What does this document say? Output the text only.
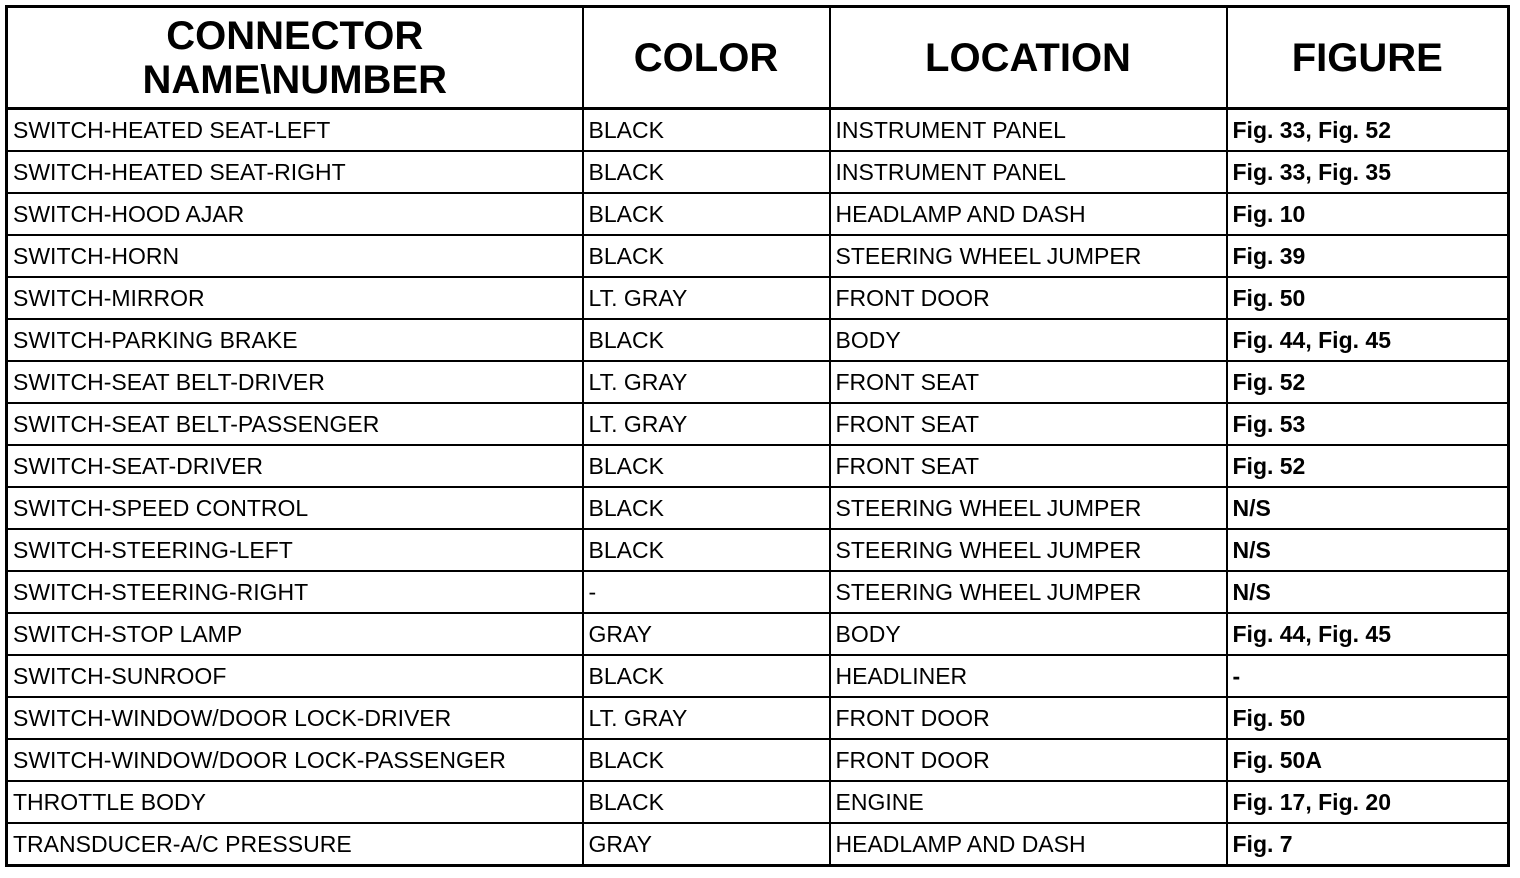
CONNECTOR
NAME\NUMBER	COLOR	LOCATION	FIGURE
SWITCH-HEATED SEAT-LEFT	BLACK	INSTRUMENT PANEL	Fig. 33, Fig. 52
SWITCH-HEATED SEAT-RIGHT	BLACK	INSTRUMENT PANEL	Fig. 33, Fig. 35
SWITCH-HOOD AJAR	BLACK	HEADLAMP AND DASH	Fig. 10
SWITCH-HORN	BLACK	STEERING WHEEL JUMPER	Fig. 39
SWITCH-MIRROR	LT. GRAY	FRONT DOOR	Fig. 50
SWITCH-PARKING BRAKE	BLACK	BODY	Fig. 44, Fig. 45
SWITCH-SEAT BELT-DRIVER	LT. GRAY	FRONT SEAT	Fig. 52
SWITCH-SEAT BELT-PASSENGER	LT. GRAY	FRONT SEAT	Fig. 53
SWITCH-SEAT-DRIVER	BLACK	FRONT SEAT	Fig. 52
SWITCH-SPEED CONTROL	BLACK	STEERING WHEEL JUMPER	N/S
SWITCH-STEERING-LEFT	BLACK	STEERING WHEEL JUMPER	N/S
SWITCH-STEERING-RIGHT	-	STEERING WHEEL JUMPER	N/S
SWITCH-STOP LAMP	GRAY	BODY	Fig. 44, Fig. 45
SWITCH-SUNROOF	BLACK	HEADLINER	-
SWITCH-WINDOW/DOOR LOCK-DRIVER	LT. GRAY	FRONT DOOR	Fig. 50
SWITCH-WINDOW/DOOR LOCK-PASSENGER	BLACK	FRONT DOOR	Fig. 50A
THROTTLE BODY	BLACK	ENGINE	Fig. 17, Fig. 20
TRANSDUCER-A/C PRESSURE	GRAY	HEADLAMP AND DASH	Fig. 7
